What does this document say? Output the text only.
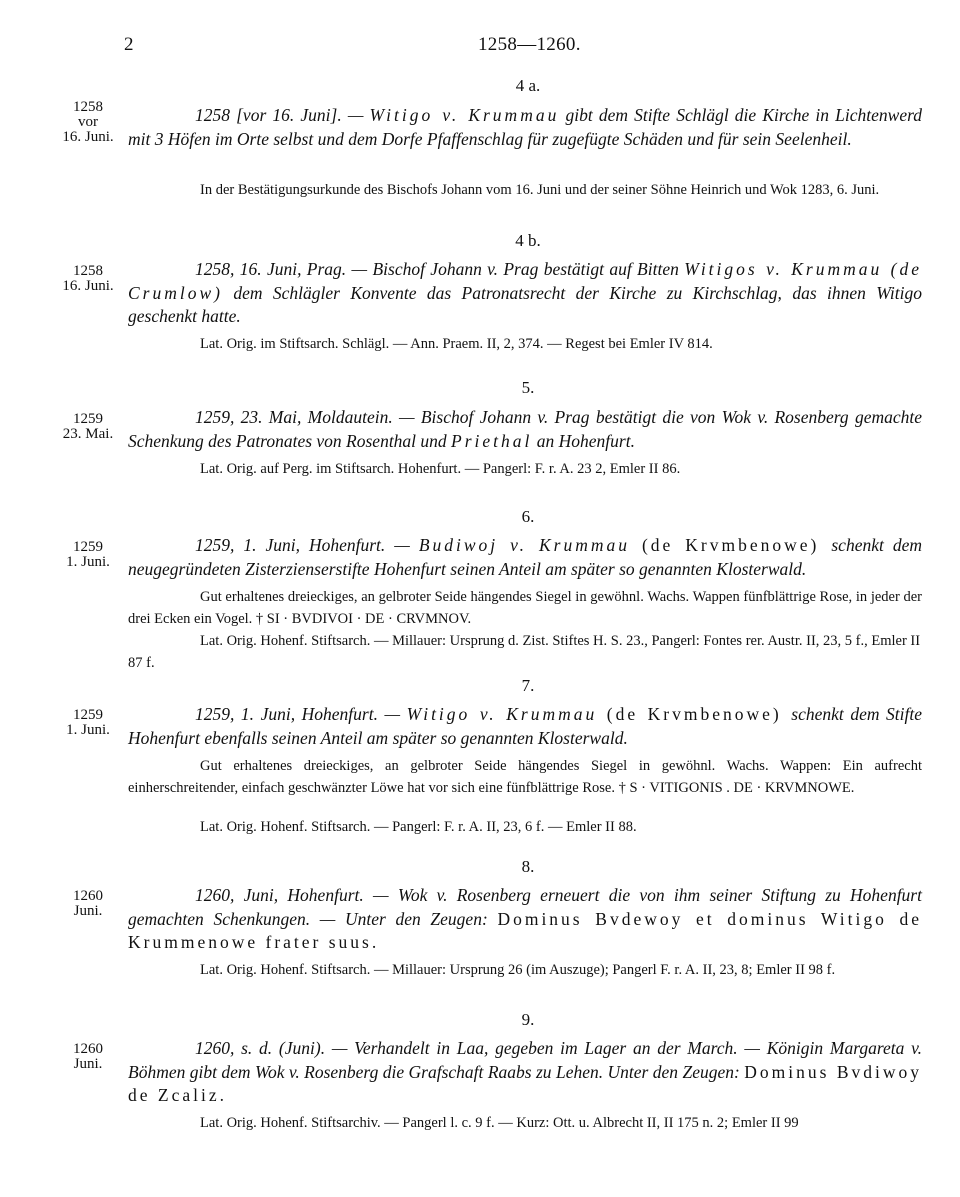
2	1258—1260.
4 a.
1258
vor
16. Juni.
1258 [vor 16. Juni]. — Witigo v. Krummau gibt dem Stifte Schlägl die Kirche in Lichtenwerd mit 3 Höfen im Orte selbst und dem Dorfe Pfaffenschlag für zugefügte Schäden und für sein Seelenheil.
In der Bestätigungsurkunde des Bischofs Johann vom 16. Juni und der seiner Söhne Heinrich und Wok 1283, 6. Juni.
4 b.
1258
16. Juni.
1258, 16. Juni, Prag. — Bischof Johann v. Prag bestätigt auf Bitten Witigos v. Krummau (de Crumlow) dem Schlägler Konvente das Patronatsrecht der Kirche zu Kirchschlag, das ihnen Witigo geschenkt hatte.
Lat. Orig. im Stiftsarch. Schlägl. — Ann. Praem. II, 2, 374. — Regest bei Emler IV 814.
5.
1259
23. Mai.
1259, 23. Mai, Moldautein. — Bischof Johann v. Prag bestätigt die von Wok v. Rosenberg gemachte Schenkung des Patronates von Rosenthal und Priethal an Hohenfurt.
Lat. Orig. auf Perg. im Stiftsarch. Hohenfurt. — Pangerl: F. r. A. 23 2, Emler II 86.
6.
1259
1. Juni.
1259, 1. Juni, Hohenfurt. — Budiwoj v. Krummau (de Krvmbenowe) schenkt dem neugegründeten Zisterzienserstifte Hohenfurt seinen Anteil am später so genannten Klosterwald.
Gut erhaltenes dreieckiges, an gelbroter Seide hängendes Siegel in gewöhnl. Wachs. Wappen fünfblättrige Rose, in jeder der drei Ecken ein Vogel. † SI · BVDIVOI · DE · CRVMNOV.
Lat. Orig. Hohenf. Stiftsarch. — Millauer: Ursprung d. Zist. Stiftes H. S. 23., Pangerl: Fontes rer. Austr. II, 23, 5 f., Emler II 87 f.
7.
1259
1. Juni.
1259, 1. Juni, Hohenfurt. — Witigo v. Krummau (de Krvmbenowe) schenkt dem Stifte Hohenfurt ebenfalls seinen Anteil am später so genannten Klosterwald.
Gut erhaltenes dreieckiges, an gelbroter Seide hängendes Siegel in gewöhnl. Wachs. Wappen: Ein aufrecht einherschreitender, einfach geschwänzter Löwe hat vor sich eine fünfblättrige Rose. † S · VITIGONIS . DE · KRVMNOWE.
Lat. Orig. Hohenf. Stiftsarch. — Pangerl: F. r. A. II, 23, 6 f. — Emler II 88.
8.
1260
Juni.
1260, Juni, Hohenfurt. — Wok v. Rosenberg erneuert die von ihm seiner Stiftung zu Hohenfurt gemachten Schenkungen. — Unter den Zeugen: Dominus Bvdewoy et dominus Witigo de Krummenowe frater suus.
Lat. Orig. Hohenf. Stiftsarch. — Millauer: Ursprung 26 (im Auszuge); Pangerl F. r. A. II, 23, 8; Emler II 98 f.
9.
1260
Juni.
1260, s. d. (Juni). — Verhandelt in Laa, gegeben im Lager an der March. — Königin Margareta v. Böhmen gibt dem Wok v. Rosenberg die Grafschaft Raabs zu Lehen. Unter den Zeugen: Dominus Bvdiwoy de Zcaliz.
Lat. Orig. Hohenf. Stiftsarchiv. — Pangerl l. c. 9 f. — Kurz: Ott. u. Albrecht II, II 175 n. 2; Emler II 99
